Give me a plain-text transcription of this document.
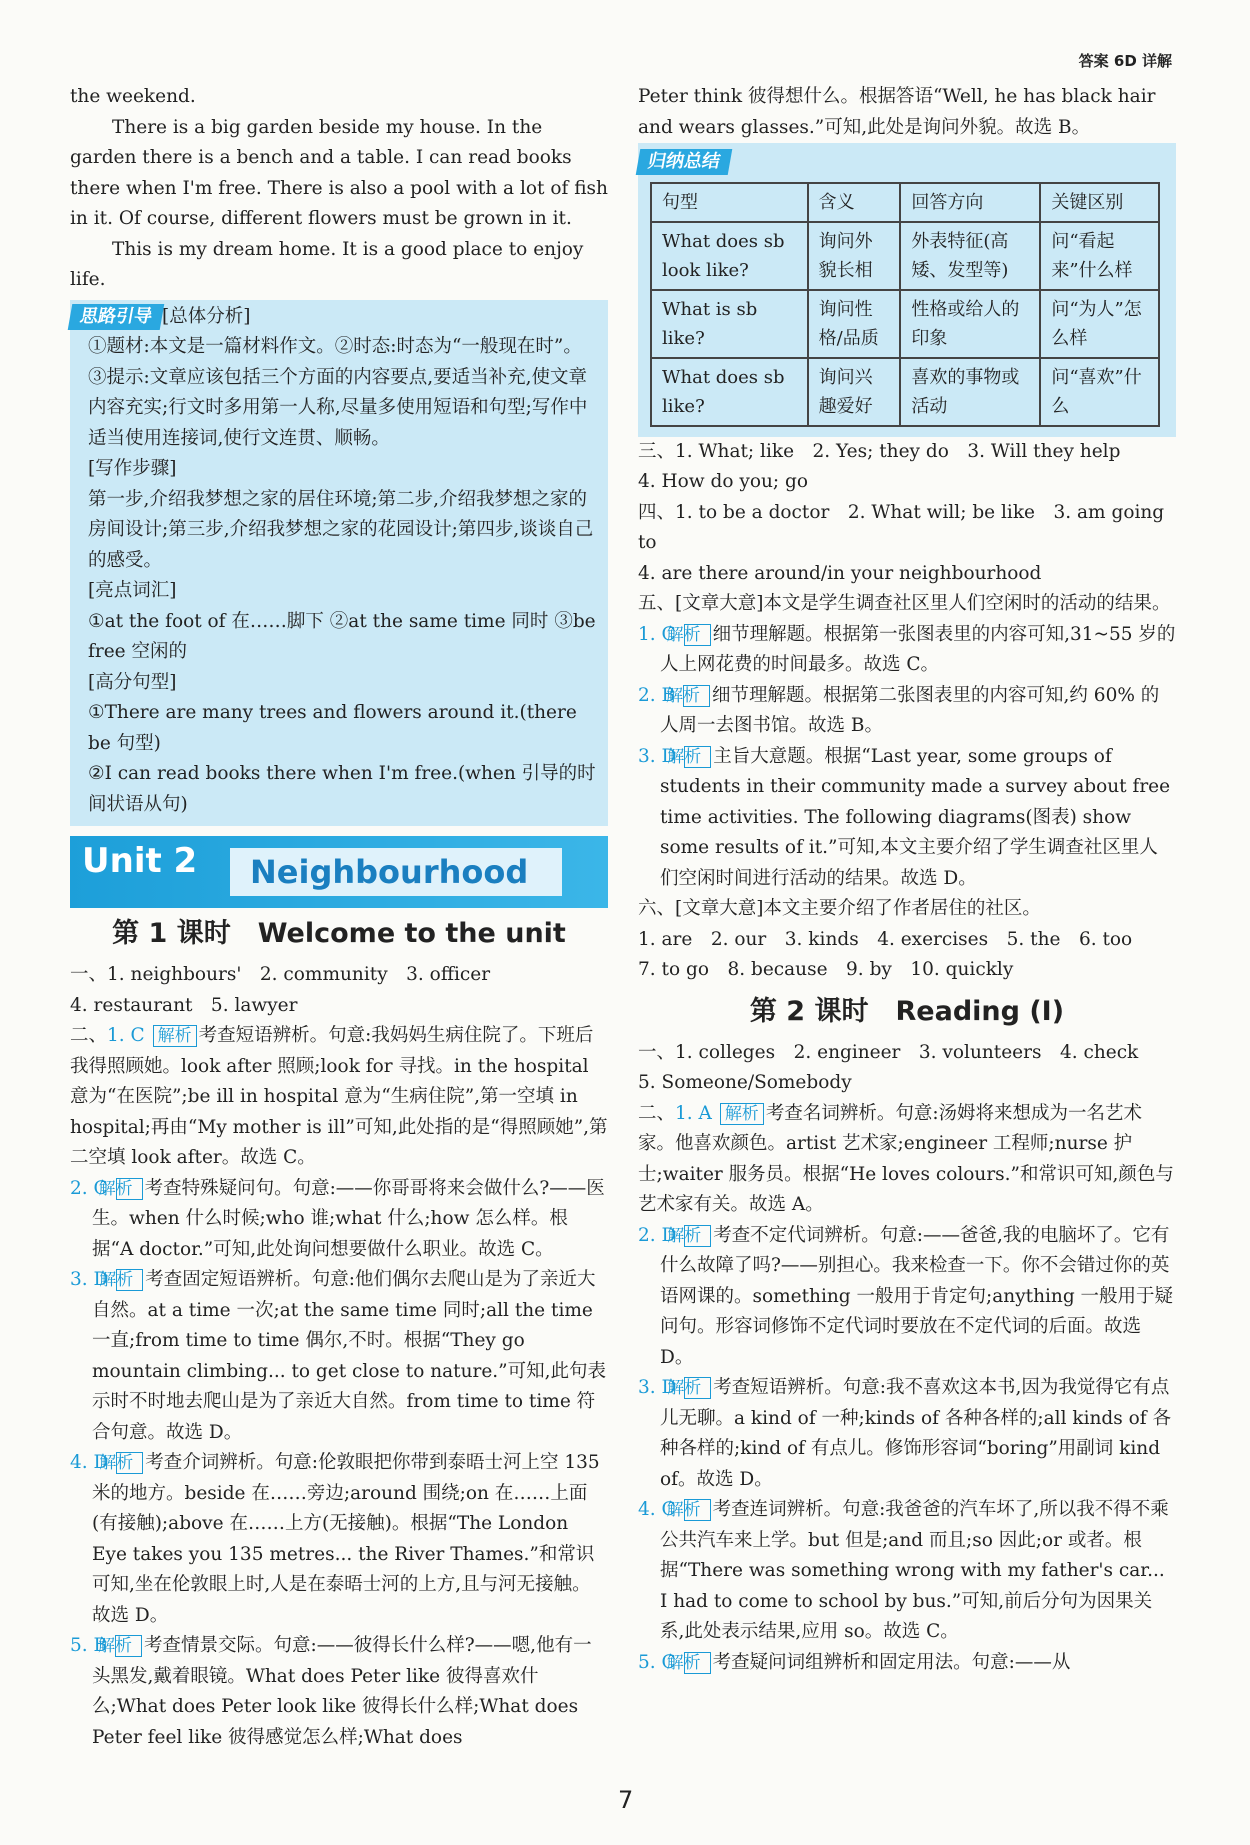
答案 6D 详解

the weekend.

There is a big garden beside my house. In the garden there is a bench and a table. I can read books there when I'm free. There is also a pool with a lot of fish in it. Of course, different flowers must be grown in it.

This is my dream home. It is a good place to enjoy life.

思路引导 [总体分析]

①题材:本文是一篇材料作文。②时态:时态为“一般现在时”。③提示:文章应该包括三个方面的内容要点,要适当补充,使文章内容充实;行文时多用第一人称,尽量多使用短语和句型;写作中适当使用连接词,使行文连贯、顺畅。

[写作步骤]

第一步,介绍我梦想之家的居住环境;第二步,介绍我梦想之家的房间设计;第三步,介绍我梦想之家的花园设计;第四步,谈谈自己的感受。

[亮点词汇]

①at the foot of 在……脚下 ②at the same time 同时 ③be free 空闲的

[高分句型]

①There are many trees and flowers around it.(there be 句型)

②I can read books there when I'm free.(when 引导的时间状语从句)

Unit 2	Neighbourhood
第 1 课时　Welcome to the unit

一、1. neighbours'　2. community　3. officer

4. restaurant　5. lawyer

二、1. C 解析 考查短语辨析。句意:我妈妈生病住院了。下班后我得照顾她。look after 照顾;look for 寻找。in the hospital 意为“在医院”;be ill in hospital 意为“生病住院”,第一空填 in hospital;再由“My mother is ill”可知,此处指的是“得照顾她”,第二空填 look after。故选 C。

2. C 解析 考查特殊疑问句。句意:——你哥哥将来会做什么?——医生。when 什么时候;who 谁;what 什么;how 怎么样。根据“A doctor.”可知,此处询问想要做什么职业。故选 C。

3. D 解析 考查固定短语辨析。句意:他们偶尔去爬山是为了亲近大自然。at a time 一次;at the same time 同时;all the time 一直;from time to time 偶尔,不时。根据“They go mountain climbing... to get close to nature.”可知,此句表示时不时地去爬山是为了亲近大自然。from time to time 符合句意。故选 D。

4. D 解析 考查介词辨析。句意:伦敦眼把你带到泰晤士河上空 135 米的地方。beside 在……旁边;around 围绕;on 在……上面(有接触);above 在……上方(无接触)。根据“The London Eye takes you 135 metres... the River Thames.”和常识可知,坐在伦敦眼上时,人是在泰晤士河的上方,且与河无接触。故选 D。

5. B 解析 考查情景交际。句意:——彼得长什么样?——嗯,他有一头黑发,戴着眼镜。What does Peter like 彼得喜欢什么;What does Peter look like 彼得长什么样;What does Peter feel like 彼得感觉怎么样;What does

Peter think 彼得想什么。根据答语“Well, he has black hair and wears glasses.”可知,此处是询问外貌。故选 B。

归纳总结
句型	含义	回答方向	关键区别
What does sb look like?	询问外貌长相	外表特征(高矮、发型等)	问“看起来”什么样
What is sb like?	询问性格/品质	性格或给人的印象	问“为人”怎么样
What does sb like?	询问兴趣爱好	喜欢的事物或活动	问“喜欢”什么

三、1. What; like　2. Yes; they do　3. Will they help

4. How do you; go

四、1. to be a doctor　2. What will; be like　3. am going to

4. are there around/in your neighbourhood

五、[文章大意]本文是学生调查社区里人们空闲时的活动的结果。

1. C 解析 细节理解题。根据第一张图表里的内容可知,31~55 岁的人上网花费的时间最多。故选 C。

2. B 解析 细节理解题。根据第二张图表里的内容可知,约 60% 的人周一去图书馆。故选 B。

3. D 解析 主旨大意题。根据“Last year, some groups of students in their community made a survey about free time activities. The following diagrams(图表) show some results of it.”可知,本文主要介绍了学生调查社区里人们空闲时间进行活动的结果。故选 D。

六、[文章大意]本文主要介绍了作者居住的社区。

1. are　2. our　3. kinds　4. exercises　5. the　6. too

7. to go　8. because　9. by　10. quickly

第 2 课时　Reading (Ⅰ)

一、1. colleges　2. engineer　3. volunteers　4. check

5. Someone/Somebody

二、1. A 解析 考查名词辨析。句意:汤姆将来想成为一名艺术家。他喜欢颜色。artist 艺术家;engineer 工程师;nurse 护士;waiter 服务员。根据“He loves colours.”和常识可知,颜色与艺术家有关。故选 A。

2. D 解析 考查不定代词辨析。句意:——爸爸,我的电脑坏了。它有什么故障了吗?——别担心。我来检查一下。你不会错过你的英语网课的。something 一般用于肯定句;anything 一般用于疑问句。形容词修饰不定代词时要放在不定代词的后面。故选 D。

3. D 解析 考查短语辨析。句意:我不喜欢这本书,因为我觉得它有点儿无聊。a kind of 一种;kinds of 各种各样的;all kinds of 各种各样的;kind of 有点儿。修饰形容词“boring”用副词 kind of。故选 D。

4. C 解析 考查连词辨析。句意:我爸爸的汽车坏了,所以我不得不乘公共汽车来上学。but 但是;and 而且;so 因此;or 或者。根据“There was something wrong with my father's car... I had to come to school by bus.”可知,前后分句为因果关系,此处表示结果,应用 so。故选 C。

5. C 解析 考查疑问词组辨析和固定用法。句意:——从

7
